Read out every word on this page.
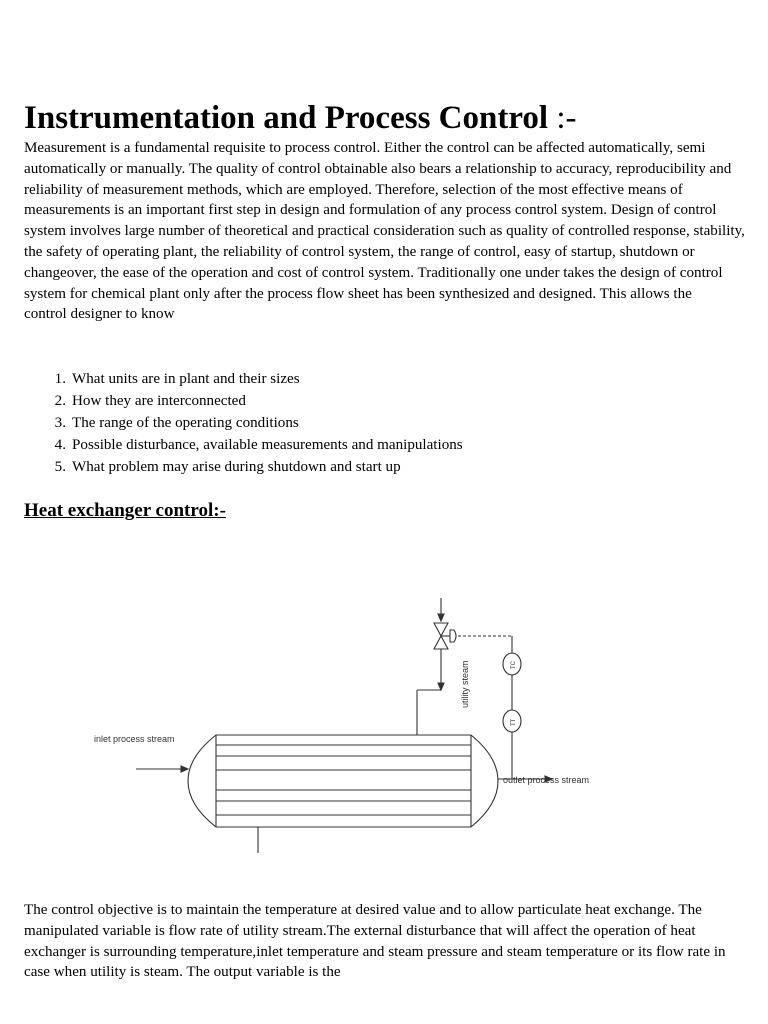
Instrumentation and Process Control :-
Measurement is a fundamental requisite to process control. Either the control can be affected automatically, semi automatically or manually. The quality of control obtainable also bears a relationship to accuracy, reproducibility and reliability of measurement methods, which are employed. Therefore, selection of the most effective means of measurements is an important first step in design and formulation of any process control system. Design of control system involves large number of theoretical and practical consideration such as quality of controlled response, stability, the safety of operating plant, the reliability of control system, the range of control, easy of startup, shutdown or changeover, the ease of the operation and cost of control system. Traditionally one under takes the design of control system for chemical plant only after the process flow sheet has been synthesized and designed. This allows the
control designer to know
1. What units are in plant and their sizes
2. How they are interconnected
3. The range of the operating conditions
4. Possible disturbance, available measurements and manipulations
5. What problem may arise during shutdown and start up
Heat exchanger control:-
inlet process stream
outlet process stream
utility steam	TC
TT

The control objective is to maintain the temperature at desired value and to allow particulate heat exchange. The manipulated variable is flow rate of utility stream.The external disturbance that will affect the operation of heat exchanger is surrounding temperature,inlet temperature and steam pressure and steam temperature or its flow rate in case when utility is steam. The output variable is the
